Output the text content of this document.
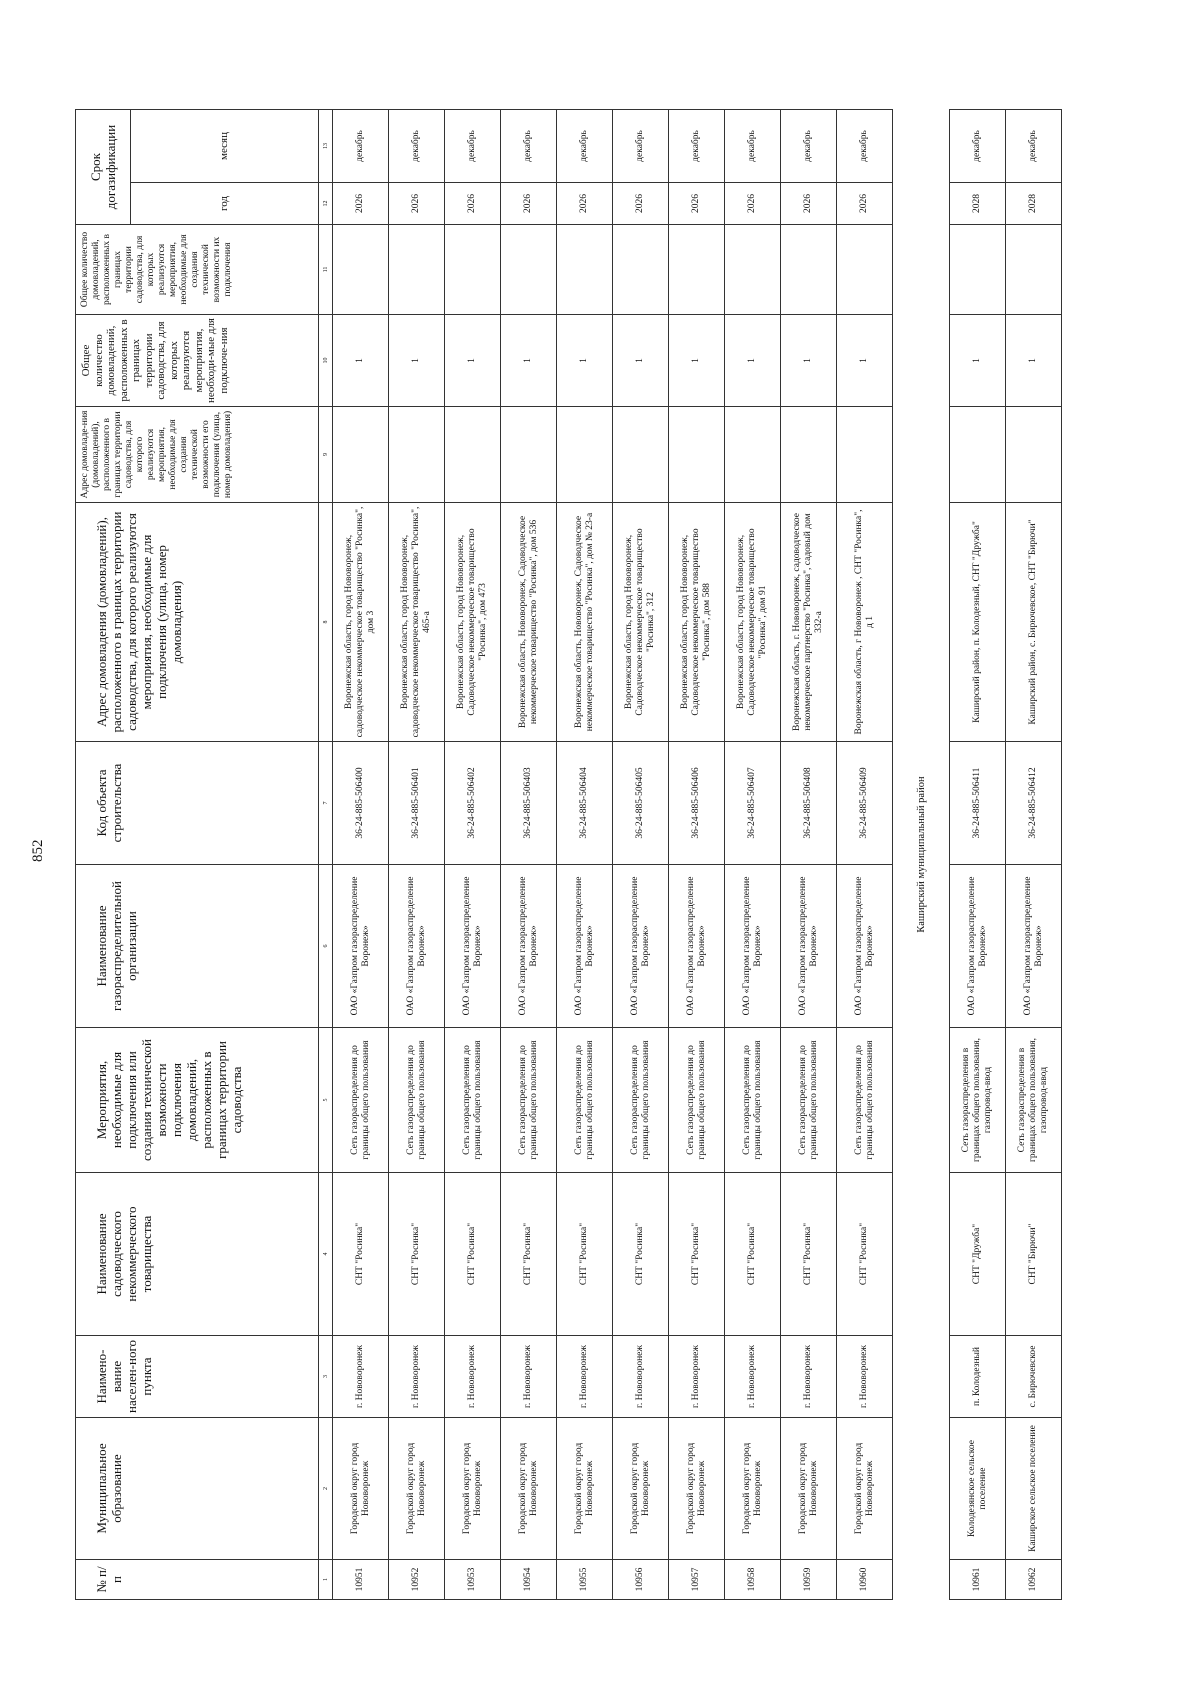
852
№ п/п	Муниципальное образование	Наимено-вание населен-ного пункта	Наименование садоводческого некоммерческого товарищества	Мероприятия, необходимые для подключения или создания технической возможности подключения домовладений, расположенных в границах территории садоводства	Наименование газораспределительной организации	Код объекта строительства	Адрес домовладения (домовладений), расположенного в границах территории садоводства, для которого реализуются мероприятия, необходимые для подключения (улица, номер домовладения)	Адрес домовладе-ния (домовладений), расположенного в границах территории садоводства, для которого реализуются мероприятия, необходимые для создания технической возможности его подключения (улица, номер домовладения)	Общее количество домовладений, расположенных в границах территории садоводства, для которых реализуются мероприятия, необходи-мые для подключе-ния	Общее количество домовладений, расположенных в границах территории садоводства, для которых реализуются мероприятия, необходимые для создания технической возможности их подключения	Срок догазификации	
											год	месяц
1	2	3	4	5	6	7	8	9	10	11	12	13
10951	Городской округ город Нововоронеж	г. Нововоронеж	СНТ "Росинка"	Сеть газораспределения до границы общего пользования	ОАО «Газпром газораспределение Воронеж»	36-24-885-506400	Воронежская область, город Нововоронеж, садоводческое некоммерческое товарищество "Росинка", дом 3		1		2026	декабрь
10952	Городской округ город Нововоронеж	г. Нововоронеж	СНТ "Росинка"	Сеть газораспределения до границы общего пользования	ОАО «Газпром газораспределение Воронеж»	36-24-885-506401	Воронежская область, город Нововоронеж, садоводческое некоммерческое товарищество "Росинка", 465-а		1		2026	декабрь
10953	Городской округ город Нововоронеж	г. Нововоронеж	СНТ "Росинка"	Сеть газораспределения до границы общего пользования	ОАО «Газпром газораспределение Воронеж»	36-24-885-506402	Воронежская область, город Нововоронеж, Садоводческое некоммерческое товарищество "Росинка", дом 473		1		2026	декабрь
10954	Городской округ город Нововоронеж	г. Нововоронеж	СНТ "Росинка"	Сеть газораспределения до границы общего пользования	ОАО «Газпром газораспределение Воронеж»	36-24-885-506403	Воронежская область, Нововоронеж, Садоводческое некоммерческое товарищество "Росинка", дом 536		1		2026	декабрь
10955	Городской округ город Нововоронеж	г. Нововоронеж	СНТ "Росинка"	Сеть газораспределения до границы общего пользования	ОАО «Газпром газораспределение Воронеж»	36-24-885-506404	Воронежская область, Нововоронеж, Садоводческое некоммерческое товарищество "Росинка", дом № 23-а		1		2026	декабрь
10956	Городской округ город Нововоронеж	г. Нововоронеж	СНТ "Росинка"	Сеть газораспределения до границы общего пользования	ОАО «Газпром газораспределение Воронеж»	36-24-885-506405	Воронежская область, город Нововоронеж, Садоводческое некоммерческое товарищество "Росинка", 312		1		2026	декабрь
10957	Городской округ город Нововоронеж	г. Нововоронеж	СНТ "Росинка"	Сеть газораспределения до границы общего пользования	ОАО «Газпром газораспределение Воронеж»	36-24-885-506406	Воронежская область, город Нововоронеж, Садоводческое некоммерческое товарищество "Росинка", дом 588		1		2026	декабрь
10958	Городской округ город Нововоронеж	г. Нововоронеж	СНТ "Росинка"	Сеть газораспределения до границы общего пользования	ОАО «Газпром газораспределение Воронеж»	36-24-885-506407	Воронежская область, город Нововоронеж, Садоводческое некоммерческое товарищество "Росинка", дом 91		1		2026	декабрь
10959	Городской округ город Нововоронеж	г. Нововоронеж	СНТ "Росинка"	Сеть газораспределения до границы общего пользования	ОАО «Газпром газораспределение Воронеж»	36-24-885-506408	Воронежская область, г. Нововоронеж, садоводческое некоммерческое партнерство "Росинка", садовый дом 332-а		1		2026	декабрь
10960	Городской округ город Нововоронеж	г. Нововоронеж	СНТ "Росинка"	Сеть газораспределения до границы общего пользования	ОАО «Газпром газораспределение Воронеж»	36-24-885-506409	Воронежская область, г Нововоронеж , СНТ "Росинка", д 1		1		2026	декабрь
Каширский муниципальный район												
10961	Колодезянское сельское поселение	п. Колодезный	СНТ "Дружба"	Сеть газораспределения в границах общего пользования, газопровод-ввод	ОАО «Газпром газораспределение Воронеж»	36-24-885-506411	Каширский район, п. Колодезный, СНТ "Дружба"		1		2028	декабрь
10962	Каширское сельское поселение	с. Бирючевское	СНТ "Бирючи"	Сеть газораспределения в границах общего пользования, газопровод-ввод	ОАО «Газпром газораспределение Воронеж»	36-24-885-506412	Каширский район, с. Бирючевское, СНТ "Бирючи"		1		2028	декабрь
